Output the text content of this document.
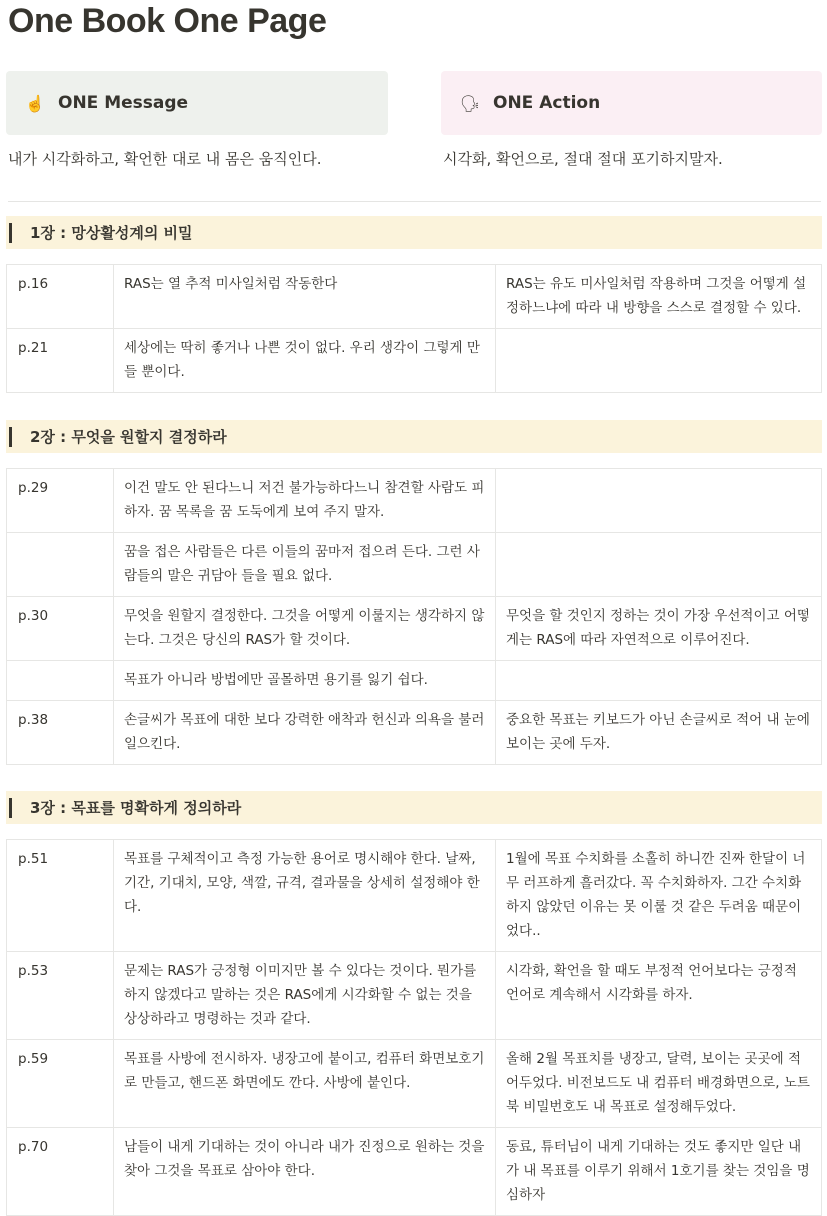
One Book One Page
☝️ ONE Message	🗣 ONE Action
내가 시각화하고, 확언한 대로 내 몸은 움직인다.	시각화, 확언으로, 절대 절대 포기하지말자.
1장 : 망상활성계의 비밀
p.16	RAS는 열 추적 미사일처럼 작동한다	RAS는 유도 미사일처럼 작용하며 그것을 어떻게 설정하느냐에 따라 내 방향을 스스로 결정할 수 있다.
p.21	세상에는 딱히 좋거나 나쁜 것이 없다. 우리 생각이 그렇게 만들 뿐이다.	
2장 : 무엇을 원할지 결정하라
p.29	이건 말도 안 된다느니 저건 불가능하다느니 참견할 사람도 피하자. 꿈 목록을 꿈 도둑에게 보여 주지 말자.	
	꿈을 접은 사람들은 다른 이들의 꿈마저 접으려 든다. 그런 사람들의 말은 귀담아 들을 필요 없다.	
p.30	무엇을 원할지 결정한다. 그것을 어떻게 이룰지는 생각하지 않는다. 그것은 당신의 RAS가 할 것이다.	무엇을 할 것인지 정하는 것이 가장 우선적이고 어떻게는 RAS에 따라 자연적으로 이루어진다.
	목표가 아니라 방법에만 골몰하면 용기를 잃기 쉽다.	
p.38	손글씨가 목표에 대한 보다 강력한 애착과 헌신과 의욕을 불러일으킨다.	중요한 목표는 키보드가 아닌 손글씨로 적어 내 눈에 보이는 곳에 두자.
3장 : 목표를 명확하게 정의하라
p.51	목표를 구체적이고 측정 가능한 용어로 명시해야 한다. 날짜, 기간, 기대치, 모양, 색깔, 규격, 결과물을 상세히 설정해야 한다.	1월에 목표 수치화를 소홀히 하니깐 진짜 한달이 너무 러프하게 흘러갔다. 꼭 수치화하자. 그간 수치화 하지 않았던 이유는 못 이룰 것 같은 두려움 때문이었다..
p.53	문제는 RAS가 긍정형 이미지만 볼 수 있다는 것이다. 뭔가를 하지 않겠다고 말하는 것은 RAS에게 시각화할 수 없는 것을 상상하라고 명령하는 것과 같다.	시각화, 확언을 할 때도 부정적 언어보다는 긍정적 언어로 계속해서 시각화를 하자.
p.59	목표를 사방에 전시하자. 냉장고에 붙이고, 컴퓨터 화면보호기로 만들고, 핸드폰 화면에도 깐다. 사방에 붙인다.	올해 2월 목표치를 냉장고, 달력, 보이는 곳곳에 적어두었다. 비전보드도 내 컴퓨터 배경화면으로, 노트북 비밀번호도 내 목표로 설정해두었다.
p.70	남들이 내게 기대하는 것이 아니라 내가 진정으로 원하는 것을 찾아 그것을 목표로 삼아야 한다.	동료, 튜터님이 내게 기대하는 것도 좋지만 일단 내가 내 목표를 이루기 위해서 1호기를 찾는 것임을 명심하자
